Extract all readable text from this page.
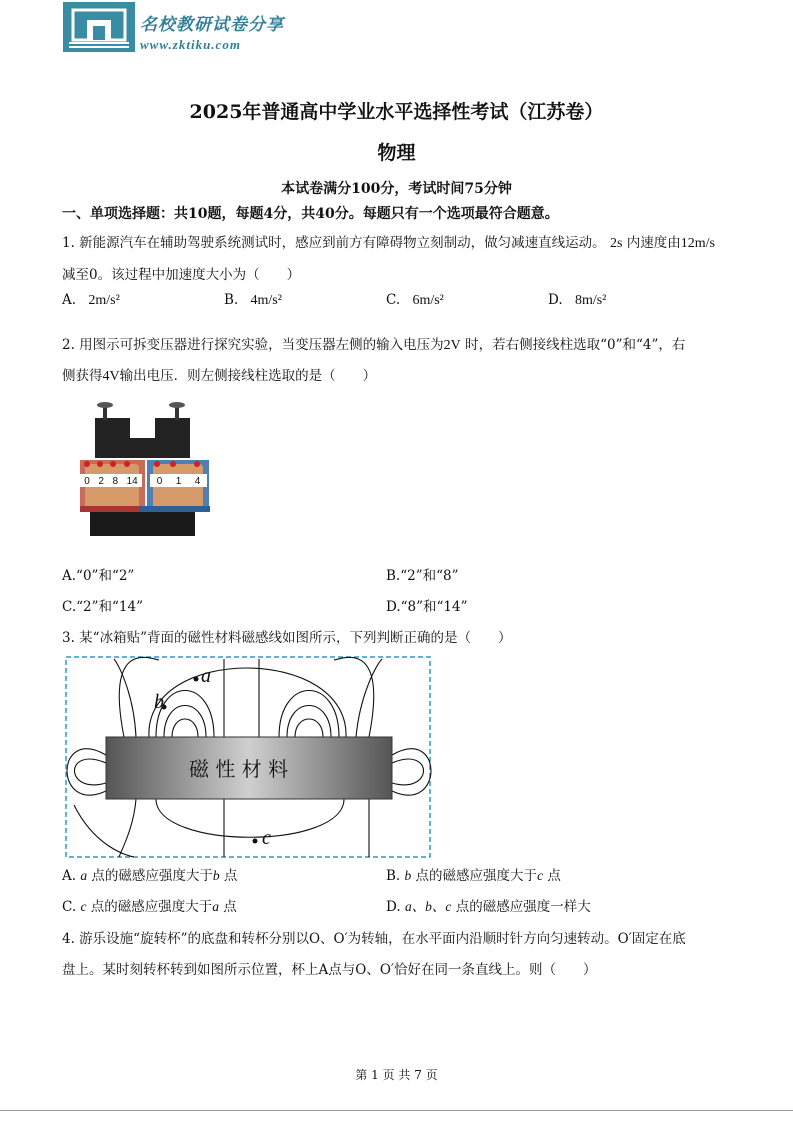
名校教研试卷分享
www.zktiku.com
2025年普通高中学业水平选择性考试（江苏卷）
物理
本试卷满分100分，考试时间75分钟
一、单项选择题：共10题，每题4分，共40分。每题只有一个选项最符合题意。
1. 新能源汽车在辅助驾驶系统测试时，感应到前方有障碍物立刻制动，做匀减速直线运动。 2s 内速度由12m/s
减至0。该过程中加速度大小为（　　）
A. 2m/s²	B. 4m/s²	C. 6m/s²	D. 8m/s²
2. 用图示可拆变压器进行探究实验，当变压器左侧的输入电压为2V 时，若右侧接线柱选取“0”和“4”，右
侧获得4V输出电压．则左侧接线柱选取的是（　　）
0 2 8 14 0 1 4
A.“0”和“2”	B.“2”和“8”
C.“2”和“14”	D.“8”和“14”
3. 某“冰箱贴”背面的磁性材料磁感线如图所示，下列判断正确的是（　　）
磁 性 材 料
a
b
c
A. a 点的磁感应强度大于b 点	B. b 点的磁感应强度大于c 点
C. c 点的磁感应强度大于a 点	D. a、b、c 点的磁感应强度一样大
4. 游乐设施“旋转杯”的底盘和转杯分别以O、O′为转轴，在水平面内沿顺时针方向匀速转动。O′固定在底
盘上。某时刻转杯转到如图所示位置，杯上A点与O、O′恰好在同一条直线上。则（　　）
第 1 页 共 7 页
